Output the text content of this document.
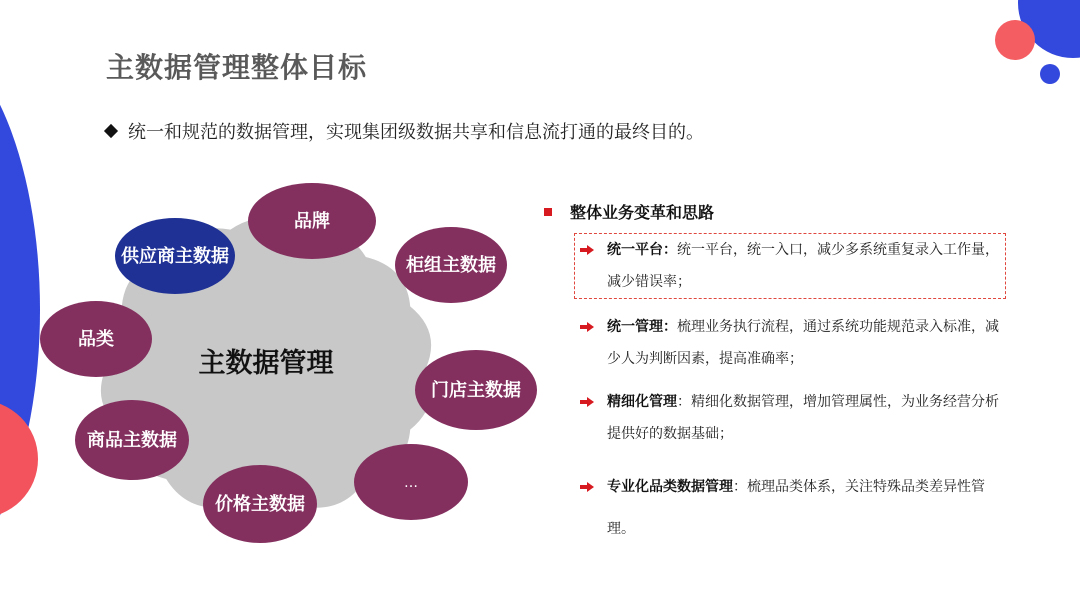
主数据管理整体目标
统一和规范的数据管理，实现集团级数据共享和信息流打通的最终目的。
主数据管理
品牌
柜组主数据
门店主数据
…
价格主数据
商品主数据
品类
供应商主数据
整体业务变革和思路
统一平台：统一平台，统一入口，减少多系统重复录入工作量，减少错误率；
统一管理：梳理业务执行流程，通过系统功能规范录入标准，减少人为判断因素，提高准确率；
精细化管理：精细化数据管理，增加管理属性，为业务经营分析提供好的数据基础；
专业化品类数据管理：梳理品类体系，关注特殊品类差异性管理。
